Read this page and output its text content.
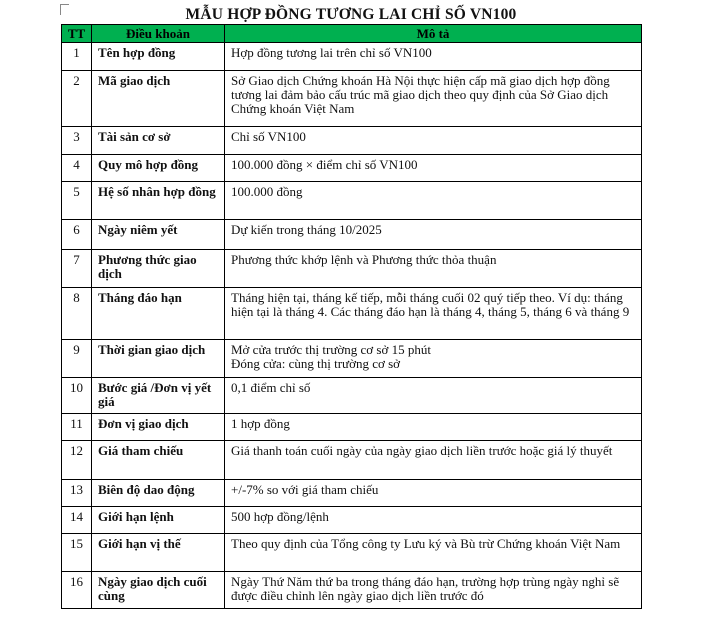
MẪU HỢP ĐỒNG TƯƠNG LAI CHỈ SỐ VN100
TT	Điều khoản	Mô tả
1	Tên hợp đồng	Hợp đồng tương lai trên chỉ số VN100
2	Mã giao dịch	Sở Giao dịch Chứng khoán Hà Nội thực hiện cấp mã giao dịch hợp đồng tương lai đảm bảo cấu trúc mã giao dịch theo quy định của Sở Giao dịch Chứng khoán Việt Nam
3	Tài sản cơ sở	Chỉ số VN100
4	Quy mô hợp đồng	100.000 đồng × điểm chỉ số VN100
5	Hệ số nhân hợp đồng	100.000 đồng
6	Ngày niêm yết	Dự kiến trong tháng 10/2025
7	Phương thức giao dịch	Phương thức khớp lệnh và Phương thức thỏa thuận
8	Tháng đáo hạn	Tháng hiện tại, tháng kế tiếp, mỗi tháng cuối 02 quý tiếp theo. Ví dụ: tháng hiện tại là tháng 4. Các tháng đáo hạn là tháng 4, tháng 5, tháng 6 và tháng 9
9	Thời gian giao dịch	Mở cửa trước thị trường cơ sở 15 phút
Đóng cửa: cùng thị trường cơ sở

10	Bước giá /Đơn vị yết giá	0,1 điểm chỉ số
11	Đơn vị giao dịch	1 hợp đồng
12	Giá tham chiếu	Giá thanh toán cuối ngày của ngày giao dịch liền trước hoặc giá lý thuyết
13	Biên độ dao động	+/-7% so với giá tham chiếu
14	Giới hạn lệnh	500 hợp đồng/lệnh
15	Giới hạn vị thế	Theo quy định của Tổng công ty Lưu ký và Bù trừ Chứng khoán Việt Nam
16	Ngày giao dịch cuối cùng	Ngày Thứ Năm thứ ba trong tháng đáo hạn, trường hợp trùng ngày nghỉ sẽ được điều chỉnh lên ngày giao dịch liền trước đó
